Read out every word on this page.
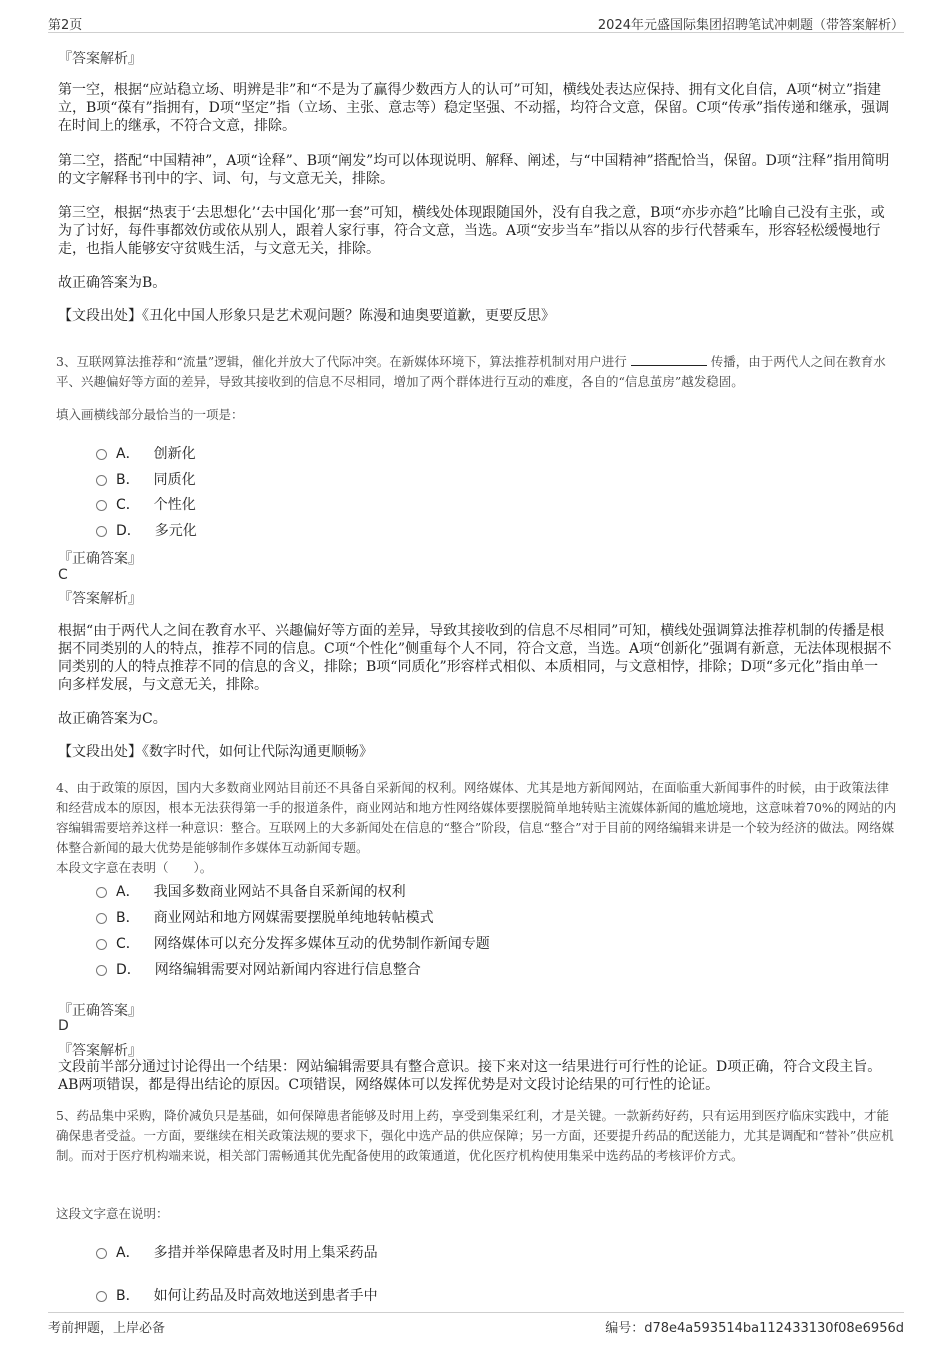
第2页	2024年元盛国际集团招聘笔试冲刺题（带答案解析）
『答案解析』
第一空，根据“应站稳立场、明辨是非”和“不是为了赢得少数西方人的认可”可知，横线处表达应保持、拥有文化自信，A项“树立”指建立，B项“葆有”指拥有，D项“坚定”指（立场、主张、意志等）稳定坚强、不动摇，均符合文意，保留。C项“传承”指传递和继承，强调在时间上的继承，不符合文意，排除。
第二空，搭配“中国精神”，A项“诠释”、B项“阐发”均可以体现说明、解释、阐述，与“中国精神”搭配恰当，保留。D项“注释”指用简明的文字解释书刊中的字、词、句，与文意无关，排除。
第三空，根据“热衷于‘去思想化’‘去中国化’那一套”可知，横线处体现跟随国外，没有自我之意，B项“亦步亦趋”比喻自己没有主张，或为了讨好，每件事都效仿或依从别人，跟着人家行事，符合文意，当选。A项“安步当车”指以从容的步行代替乘车，形容轻松缓慢地行走，也指人能够安守贫贱生活，与文意无关，排除。
故正确答案为B。
【文段出处】《丑化中国人形象只是艺术观问题？陈漫和迪奥要道歉，更要反思》
3、互联网算法推荐和“流量”逻辑，催化并放大了代际冲突。在新媒体环境下，算法推荐机制对用户进行	传播，由于两代人之间在教育水平、兴趣偏好等方面的差异，导致其接收到的信息不尽相同，增加了两个群体进行互动的难度，各自的“信息茧房”越发稳固。
填入画横线部分最恰当的一项是：
A． 创新化
B． 同质化
C． 个性化
D． 多元化
『正确答案』
C
『答案解析』
根据“由于两代人之间在教育水平、兴趣偏好等方面的差异，导致其接收到的信息不尽相同”可知，横线处强调算法推荐机制的传播是根据不同类别的人的特点，推荐不同的信息。C项“个性化”侧重每个人不同，符合文意，当选。A项“创新化”强调有新意，无法体现根据不同类别的人的特点推荐不同的信息的含义，排除；B项“同质化”形容样式相似、本质相同，与文意相悖，排除；D项“多元化”指由单一向多样发展，与文意无关，排除。
故正确答案为C。
【文段出处】《数字时代，如何让代际沟通更顺畅》
4、由于政策的原因，国内大多数商业网站目前还不具备自采新闻的权利。网络媒体、尤其是地方新闻网站，在面临重大新闻事件的时候，由于政策法律和经营成本的原因，根本无法获得第一手的报道条件，商业网站和地方性网络媒体要摆脱简单地转贴主流媒体新闻的尴尬境地，这意味着70%的网站的内容编辑需要培养这样一种意识：整合。互联网上的大多新闻处在信息的“整合”阶段，信息“整合”对于目前的网络编辑来讲是一个较为经济的做法。网络媒体整合新闻的最大优势是能够制作多媒体互动新闻专题。
本段文字意在表明（　　）。
A． 我国多数商业网站不具备自采新闻的权利
B． 商业网站和地方网媒需要摆脱单纯地转帖模式
C． 网络媒体可以充分发挥多媒体互动的优势制作新闻专题
D． 网络编辑需要对网站新闻内容进行信息整合
『正确答案』
D
『答案解析』
文段前半部分通过讨论得出一个结果：网站编辑需要具有整合意识。接下来对这一结果进行可行性的论证。D项正确，符合文段主旨。AB两项错误，都是得出结论的原因。C项错误，网络媒体可以发挥优势是对文段讨论结果的可行性的论证。
5、药品集中采购，降价减负只是基础，如何保障患者能够及时用上药，享受到集采红利，才是关键。一款新药好药，只有运用到医疗临床实践中，才能确保患者受益。一方面，要继续在相关政策法规的要求下，强化中选产品的供应保障；另一方面，还要提升药品的配送能力，尤其是调配和“替补”供应机制。而对于医疗机构端来说，相关部门需畅通其优先配备使用的政策通道，优化医疗机构使用集采中选药品的考核评价方式。
这段文字意在说明：
A． 多措并举保障患者及时用上集采药品
B． 如何让药品及时高效地送到患者手中
考前押题，上岸必备	编号：d78e4a593514ba112433130f08e6956d
